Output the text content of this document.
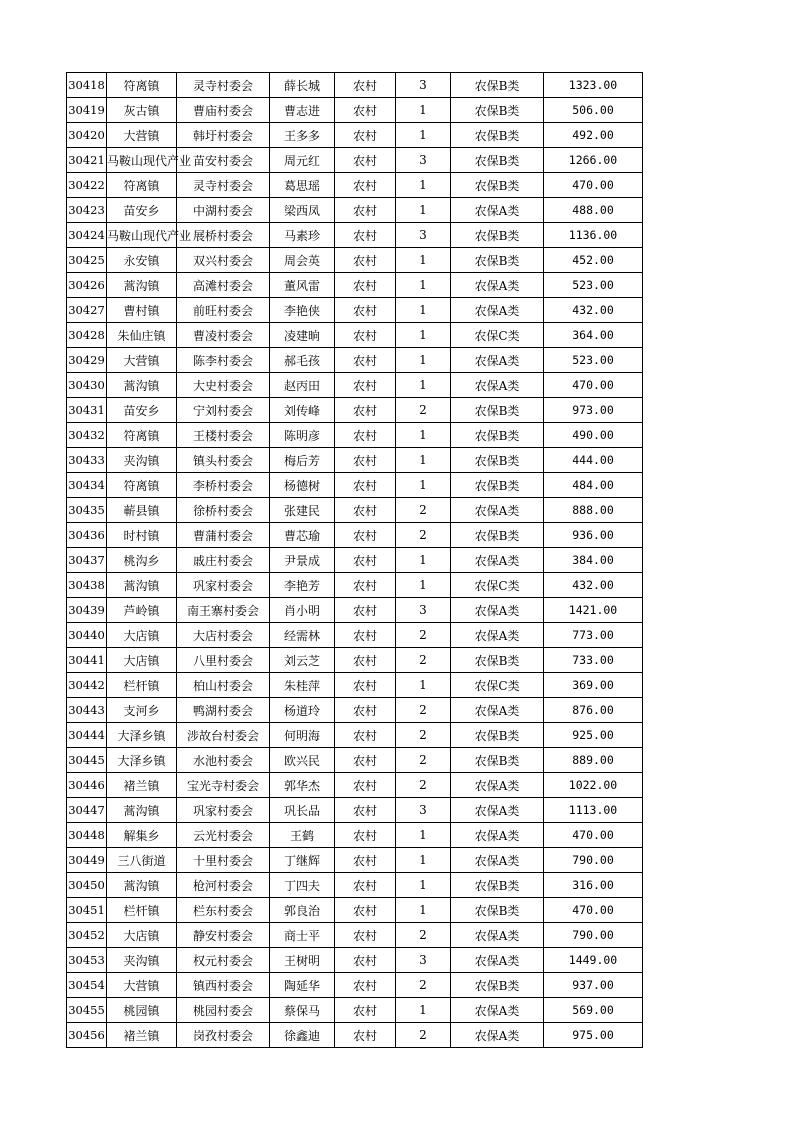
30418	符离镇	灵寺村委会	薛长城	农村	3	农保B类	1323.00
30419	灰古镇	曹庙村委会	曹志进	农村	1	农保B类	506.00
30420	大营镇	韩圩村委会	王多多	农村	1	农保B类	492.00
30421	马鞍山现代产业	苗安村委会	周元红	农村	3	农保B类	1266.00
30422	符离镇	灵寺村委会	葛思瑶	农村	1	农保B类	470.00
30423	苗安乡	中湖村委会	梁西凤	农村	1	农保A类	488.00
30424	马鞍山现代产业	展桥村委会	马素珍	农村	3	农保B类	1136.00
30425	永安镇	双兴村委会	周会英	农村	1	农保B类	452.00
30426	蒿沟镇	高滩村委会	董风雷	农村	1	农保A类	523.00
30427	曹村镇	前旺村委会	李艳侠	农村	1	农保A类	432.00
30428	朱仙庄镇	曹凌村委会	凌建晌	农村	1	农保C类	364.00
30429	大营镇	陈李村委会	郝毛孩	农村	1	农保A类	523.00
30430	蒿沟镇	大史村委会	赵丙田	农村	1	农保A类	470.00
30431	苗安乡	宁刘村委会	刘传峰	农村	2	农保B类	973.00
30432	符离镇	王楼村委会	陈明彦	农村	1	农保B类	490.00
30433	夹沟镇	镇头村委会	梅后芳	农村	1	农保B类	444.00
30434	符离镇	李桥村委会	杨德树	农村	1	农保B类	484.00
30435	蕲县镇	徐桥村委会	张建民	农村	2	农保A类	888.00
30436	时村镇	曹蒲村委会	曹芯瑜	农村	2	农保B类	936.00
30437	桃沟乡	戚庄村委会	尹景成	农村	1	农保A类	384.00
30438	蒿沟镇	巩家村委会	李艳芳	农村	1	农保C类	432.00
30439	芦岭镇	南王寨村委会	肖小明	农村	3	农保A类	1421.00
30440	大店镇	大店村委会	经需林	农村	2	农保A类	773.00
30441	大店镇	八里村委会	刘云芝	农村	2	农保B类	733.00
30442	栏杆镇	柏山村委会	朱桂萍	农村	1	农保C类	369.00
30443	支河乡	鸭湖村委会	杨道玲	农村	2	农保A类	876.00
30444	大泽乡镇	涉故台村委会	何明海	农村	2	农保B类	925.00
30445	大泽乡镇	水池村委会	欧兴民	农村	2	农保B类	889.00
30446	褚兰镇	宝光寺村委会	郭华杰	农村	2	农保A类	1022.00
30447	蒿沟镇	巩家村委会	巩长品	农村	3	农保A类	1113.00
30448	解集乡	云光村委会	王鹤	农村	1	农保A类	470.00
30449	三八街道	十里村委会	丁继辉	农村	1	农保A类	790.00
30450	蒿沟镇	枪河村委会	丁四夫	农村	1	农保B类	316.00
30451	栏杆镇	栏东村委会	郭良治	农村	1	农保B类	470.00
30452	大店镇	静安村委会	商士平	农村	2	农保A类	790.00
30453	夹沟镇	权元村委会	王树明	农村	3	农保A类	1449.00
30454	大营镇	镇西村委会	陶延华	农村	2	农保B类	937.00
30455	桃园镇	桃园村委会	蔡保马	农村	1	农保A类	569.00
30456	褚兰镇	岗孜村委会	徐鑫迪	农村	2	农保A类	975.00
